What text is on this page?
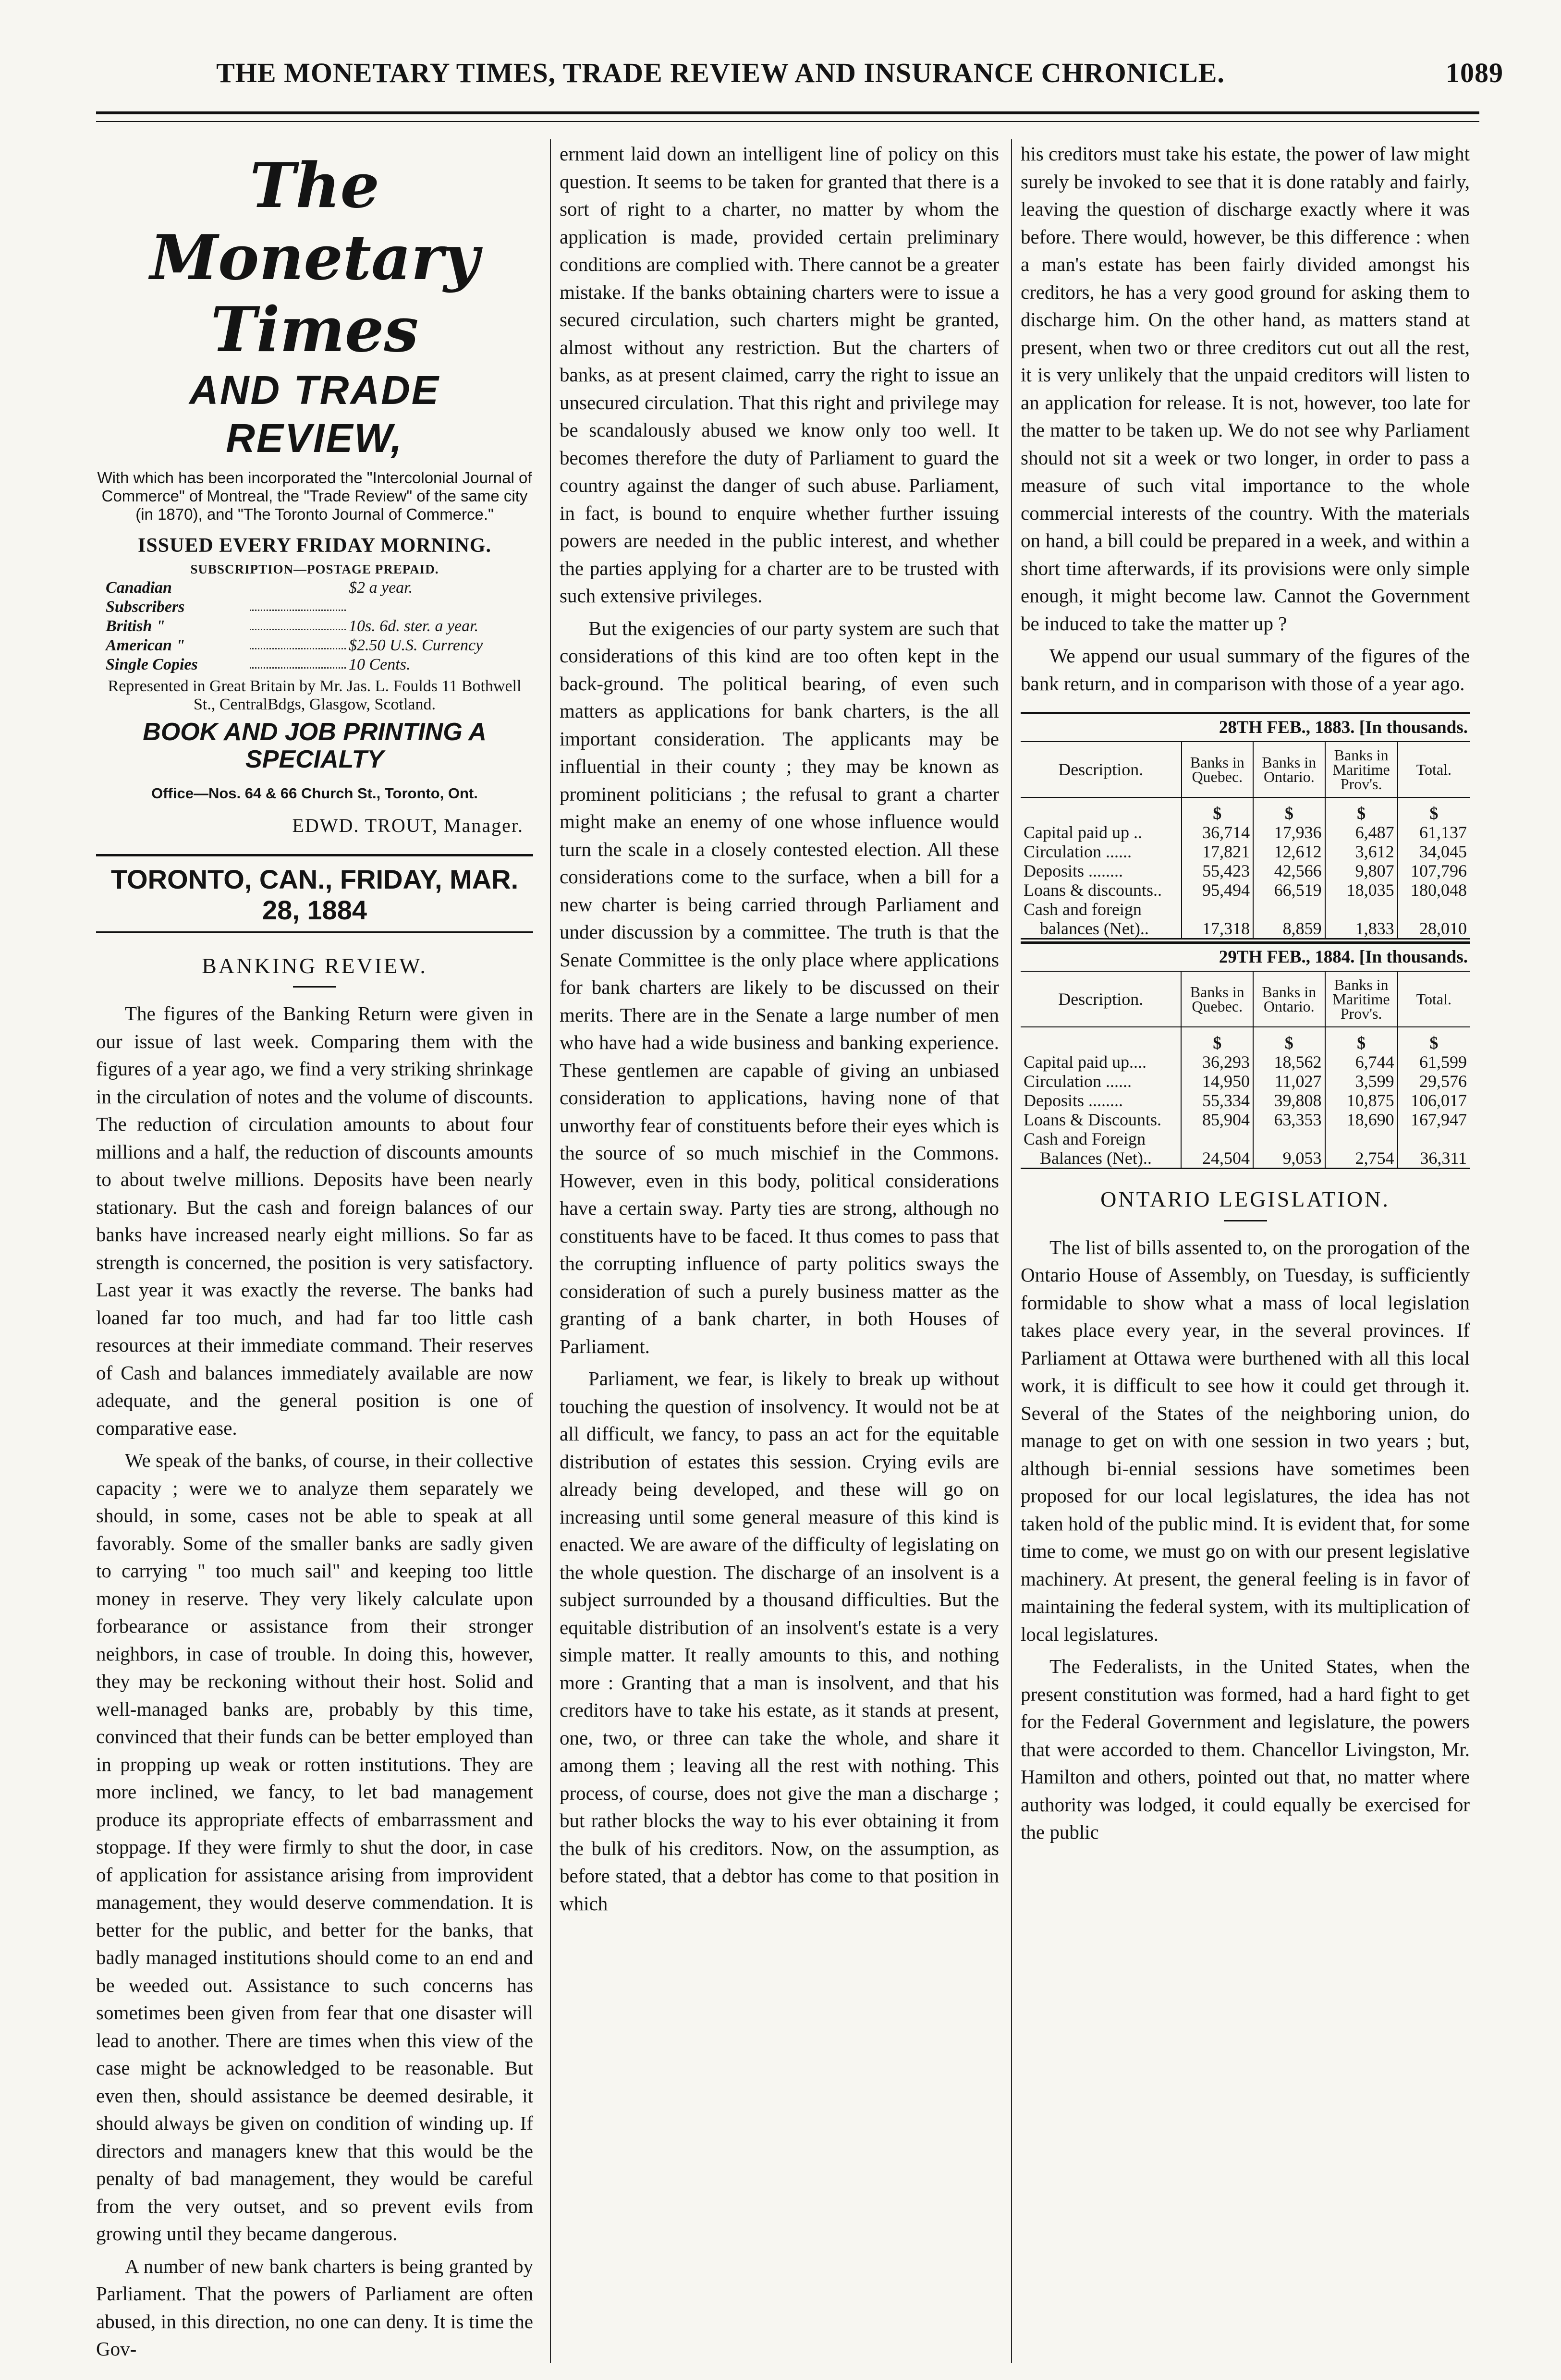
THE MONETARY TIMES, TRADE REVIEW AND INSURANCE CHRONICLE.	1089
The Monetary Times
AND TRADE REVIEW,
With which has been incorporated the "Intercolonial Journal of Commerce" of Montreal, the "Trade Review" of the same city (in 1870), and "The Toronto Journal of Commerce."
ISSUED EVERY FRIDAY MORNING.
SUBSCRIPTION—POSTAGE PREPAID.
Canadian Subscribers
$2 a year.
British "	10s. 6d. ster. a year.
American "	$2.50 U.S. Currency
Single Copies	10 Cents.
Represented in Great Britain by Mr. Jas. L. Foulds 11 Bothwell St., CentralBdgs, Glasgow, Scotland.
BOOK AND JOB PRINTING A SPECIALTY
Office—Nos. 64 & 66 Church St., Toronto, Ont.
EDWD. TROUT, Manager.
TORONTO, CAN., FRIDAY, MAR. 28, 1884
BANKING REVIEW.

The figures of the Banking Return were given in our issue of last week. Comparing them with the figures of a year ago, we find a very striking shrinkage in the circulation of notes and the volume of discounts. The reduction of circulation amounts to about four millions and a half, the reduction of discounts amounts to about twelve millions. Deposits have been nearly stationary. But the cash and foreign balances of our banks have increased nearly eight millions. So far as strength is concerned, the position is very satisfactory. Last year it was exactly the reverse. The banks had loaned far too much, and had far too little cash resources at their immediate command. Their reserves of Cash and balances immediately available are now adequate, and the general position is one of comparative ease.

We speak of the banks, of course, in their collective capacity ; were we to analyze them separately we should, in some, cases not be able to speak at all favorably. Some of the smaller banks are sadly given to carrying " too much sail" and keeping too little money in reserve. They very likely calculate upon forbearance or assistance from their stronger neighbors, in case of trouble. In doing this, however, they may be reckoning without their host. Solid and well-managed banks are, probably by this time, convinced that their funds can be better employed than in propping up weak or rotten institutions. They are more inclined, we fancy, to let bad management produce its appropriate effects of embarrassment and stoppage. If they were firmly to shut the door, in case of application for assistance arising from improvident management, they would deserve commendation. It is better for the public, and better for the banks, that badly managed institutions should come to an end and be weeded out. Assistance to such concerns has sometimes been given from fear that one disaster will lead to another. There are times when this view of the case might be acknowledged to be reasonable. But even then, should assistance be deemed desirable, it should always be given on condition of winding up. If directors and managers knew that this would be the penalty of bad management, they would be careful from the very outset, and so prevent evils from growing until they became dangerous.

A number of new bank charters is being granted by Parliament. That the powers of Parliament are often abused, in this direction, no one can deny. It is time the Gov-

ernment laid down an intelligent line of policy on this question. It seems to be taken for granted that there is a sort of right to a charter, no matter by whom the application is made, provided certain preliminary conditions are complied with. There cannot be a greater mistake. If the banks obtaining charters were to issue a secured circulation, such charters might be granted, almost without any restriction. But the charters of banks, as at present claimed, carry the right to issue an unsecured circulation. That this right and privilege may be scandalously abused we know only too well. It becomes therefore the duty of Parliament to guard the country against the danger of such abuse. Parliament, in fact, is bound to enquire whether further issuing powers are needed in the public interest, and whether the parties applying for a charter are to be trusted with such extensive privileges.

But the exigencies of our party system are such that considerations of this kind are too often kept in the back-ground. The political bearing, of even such matters as applications for bank charters, is the all important consideration. The applicants may be influential in their county ; they may be known as prominent politicians ; the refusal to grant a charter might make an enemy of one whose influence would turn the scale in a closely contested election. All these considerations come to the surface, when a bill for a new charter is being carried through Parliament and under discussion by a committee. The truth is that the Senate Committee is the only place where applications for bank charters are likely to be discussed on their merits. There are in the Senate a large number of men who have had a wide business and banking experience. These gentlemen are capable of giving an unbiased consideration to applications, having none of that unworthy fear of constituents before their eyes which is the source of so much mischief in the Commons. However, even in this body, political considerations have a certain sway. Party ties are strong, although no constituents have to be faced. It thus comes to pass that the corrupting influence of party politics sways the consideration of such a purely business matter as the granting of a bank charter, in both Houses of Parliament.

Parliament, we fear, is likely to break up without touching the question of insolvency. It would not be at all difficult, we fancy, to pass an act for the equitable distribution of estates this session. Crying evils are already being developed, and these will go on increasing until some general measure of this kind is enacted. We are aware of the difficulty of legislating on the whole question. The discharge of an insolvent is a subject surrounded by a thousand difficulties. But the equitable distribution of an insolvent's estate is a very simple matter. It really amounts to this, and nothing more : Granting that a man is insolvent, and that his creditors have to take his estate, as it stands at present, one, two, or three can take the whole, and share it among them ; leaving all the rest with nothing. This process, of course, does not give the man a discharge ; but rather blocks the way to his ever obtaining it from the bulk of his creditors. Now, on the assumption, as before stated, that a debtor has come to that position in which

his creditors must take his estate, the power of law might surely be invoked to see that it is done ratably and fairly, leaving the question of discharge exactly where it was before. There would, however, be this difference : when a man's estate has been fairly divided amongst his creditors, he has a very good ground for asking them to discharge him. On the other hand, as matters stand at present, when two or three creditors cut out all the rest, it is very unlikely that the unpaid creditors will listen to an application for release. It is not, however, too late for the matter to be taken up. We do not see why Parliament should not sit a week or two longer, in order to pass a measure of such vital importance to the whole commercial interests of the country. With the materials on hand, a bill could be prepared in a week, and within a short time afterwards, if its provisions were only simple enough, it might become law. Cannot the Government be induced to take the matter up ?

We append our usual summary of the figures of the bank return, and in comparison with those of a year ago.

28TH FEB., 1883. [In thousands.				
Description.	Banks in Quebec.	Banks in Ontario.	Banks in Maritime Prov's.	Total.
	$	$	$	$
Capital paid up ..	36,714	17,936	6,487	61,137
Circulation ......	17,821	12,612	3,612	34,045
Deposits ........	55,423	42,566	9,807	107,796
Loans & discounts..	95,494	66,519	18,035	180,048
Cash and foreign				
balances (Net)..	17,318	8,859	1,833	28,010
29TH FEB., 1884. [In thousands.				
Description.	Banks in Quebec.	Banks in Ontario.	Banks in Maritime Prov's.	Total.
	$	$	$	$
Capital paid up....	36,293	18,562	6,744	61,599
Circulation ......	14,950	11,027	3,599	29,576
Deposits ........	55,334	39,808	10,875	106,017
Loans & Discounts.	85,904	63,353	18,690	167,947
Cash and Foreign				
Balances (Net)..	24,504	9,053	2,754	36,311
ONTARIO LEGISLATION.

The list of bills assented to, on the prorogation of the Ontario House of Assembly, on Tuesday, is sufficiently formidable to show what a mass of local legislation takes place every year, in the several provinces. If Parliament at Ottawa were burthened with all this local work, it is difficult to see how it could get through it. Several of the States of the neighboring union, do manage to get on with one session in two years ; but, although bi-ennial sessions have sometimes been proposed for our local legislatures, the idea has not taken hold of the public mind. It is evident that, for some time to come, we must go on with our present legislative machinery. At present, the general feeling is in favor of maintaining the federal system, with its multiplication of local legislatures.

The Federalists, in the United States, when the present constitution was formed, had a hard fight to get for the Federal Government and legislature, the powers that were accorded to them. Chancellor Livingston, Mr. Hamilton and others, pointed out that, no matter where authority was lodged, it could equally be exercised for the public
